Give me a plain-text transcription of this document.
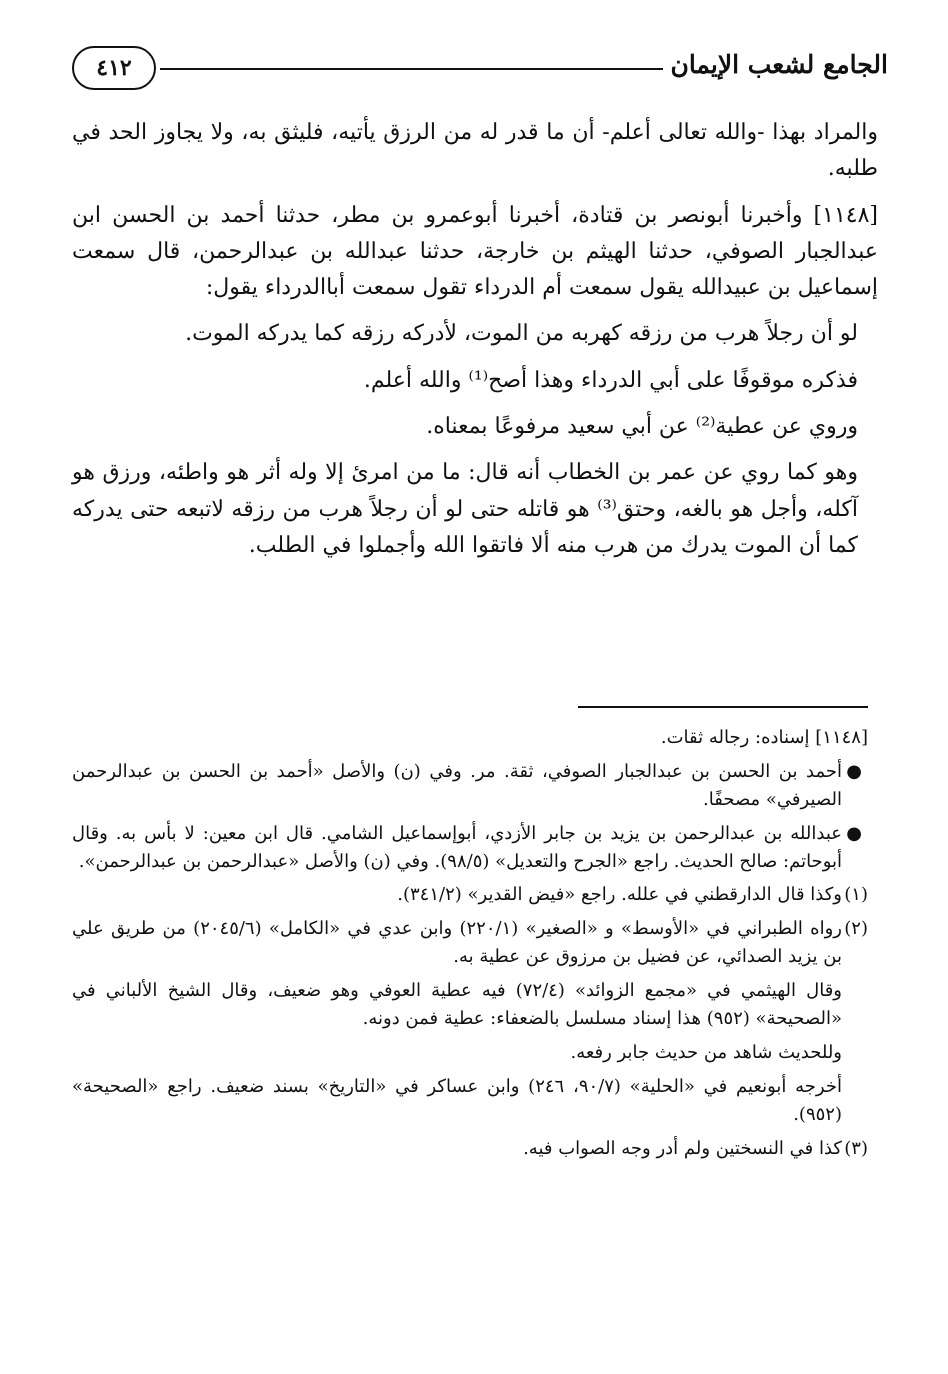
الجامع لشعب الإيمان
٤١٢

والمراد بهذا -والله تعالى أعلم- أن ما قدر له من الرزق يأتيه، فليثق به، ولا يجاوز الحد في طلبه.

[١١٤٨] وأخبرنا أبونصر بن قتادة، أخبرنا أبوعمرو بن مطر، حدثنا أحمد بن الحسن ابن عبدالجبار الصوفي، حدثنا الهيثم بن خارجة، حدثنا عبدالله بن عبدالرحمن، قال سمعت إسماعيل بن عبيدالله يقول سمعت أم الدرداء تقول سمعت أباالدرداء يقول:

لو أن رجلاً هرب من رزقه كهربه من الموت، لأدركه رزقه كما يدركه الموت.

فذكره موقوفًا على أبي الدرداء وهذا أصح⁽¹⁾ والله أعلم.

وروي عن عطية⁽²⁾ عن أبي سعيد مرفوعًا بمعناه.

وهو كما روي عن عمر بن الخطاب أنه قال: ما من امرئ إلا وله أثر هو واطئه، ورزق هو آكله، وأجل هو بالغه، وحتق⁽³⁾ هو قاتله حتى لو أن رجلاً هرب من رزقه لاتبعه حتى يدركه كما أن الموت يدرك من هرب منه ألا فاتقوا الله وأجملوا في الطلب.

[١١٤٨] إسناده: رجاله ثقات.

●
أحمد بن الحسن بن عبدالجبار الصوفي، ثقة. مر. وفي (ن) والأصل «أحمد بن الحسن بن عبدالرحمن الصيرفي» مصحفًا.

●
عبدالله بن عبدالرحمن بن يزيد بن جابر الأزدي، أبوإسماعيل الشامي. قال ابن معين: لا بأس به. وقال أبوحاتم: صالح الحديث. راجع «الجرح والتعديل» (٩٨/٥). وفي (ن) والأصل «عبدالرحمن بن عبدالرحمن».

(١)
وكذا قال الدارقطني في علله. راجع «فيض القدير» (٣٤١/٢).

(٢)
رواه الطبراني في «الأوسط» و «الصغير» (٢٢٠/١) وابن عدي في «الكامل» (٢٠٤٥/٦) من طريق علي بن يزيد الصدائي، عن فضيل بن مرزوق عن عطية به.

وقال الهيثمي في «مجمع الزوائد» (٧٢/٤) فيه عطية العوفي وهو ضعيف، وقال الشيخ الألباني في «الصحيحة» (٩٥٢) هذا إسناد مسلسل بالضعفاء: عطية فمن دونه.

وللحديث شاهد من حديث جابر رفعه.

أخرجه أبونعيم في «الحلية» (٩٠/٧، ٢٤٦) وابن عساكر في «التاريخ» بسند ضعيف. راجع «الصحيحة» (٩٥٢).

(٣)
كذا في النسختين ولم أدر وجه الصواب فيه.
